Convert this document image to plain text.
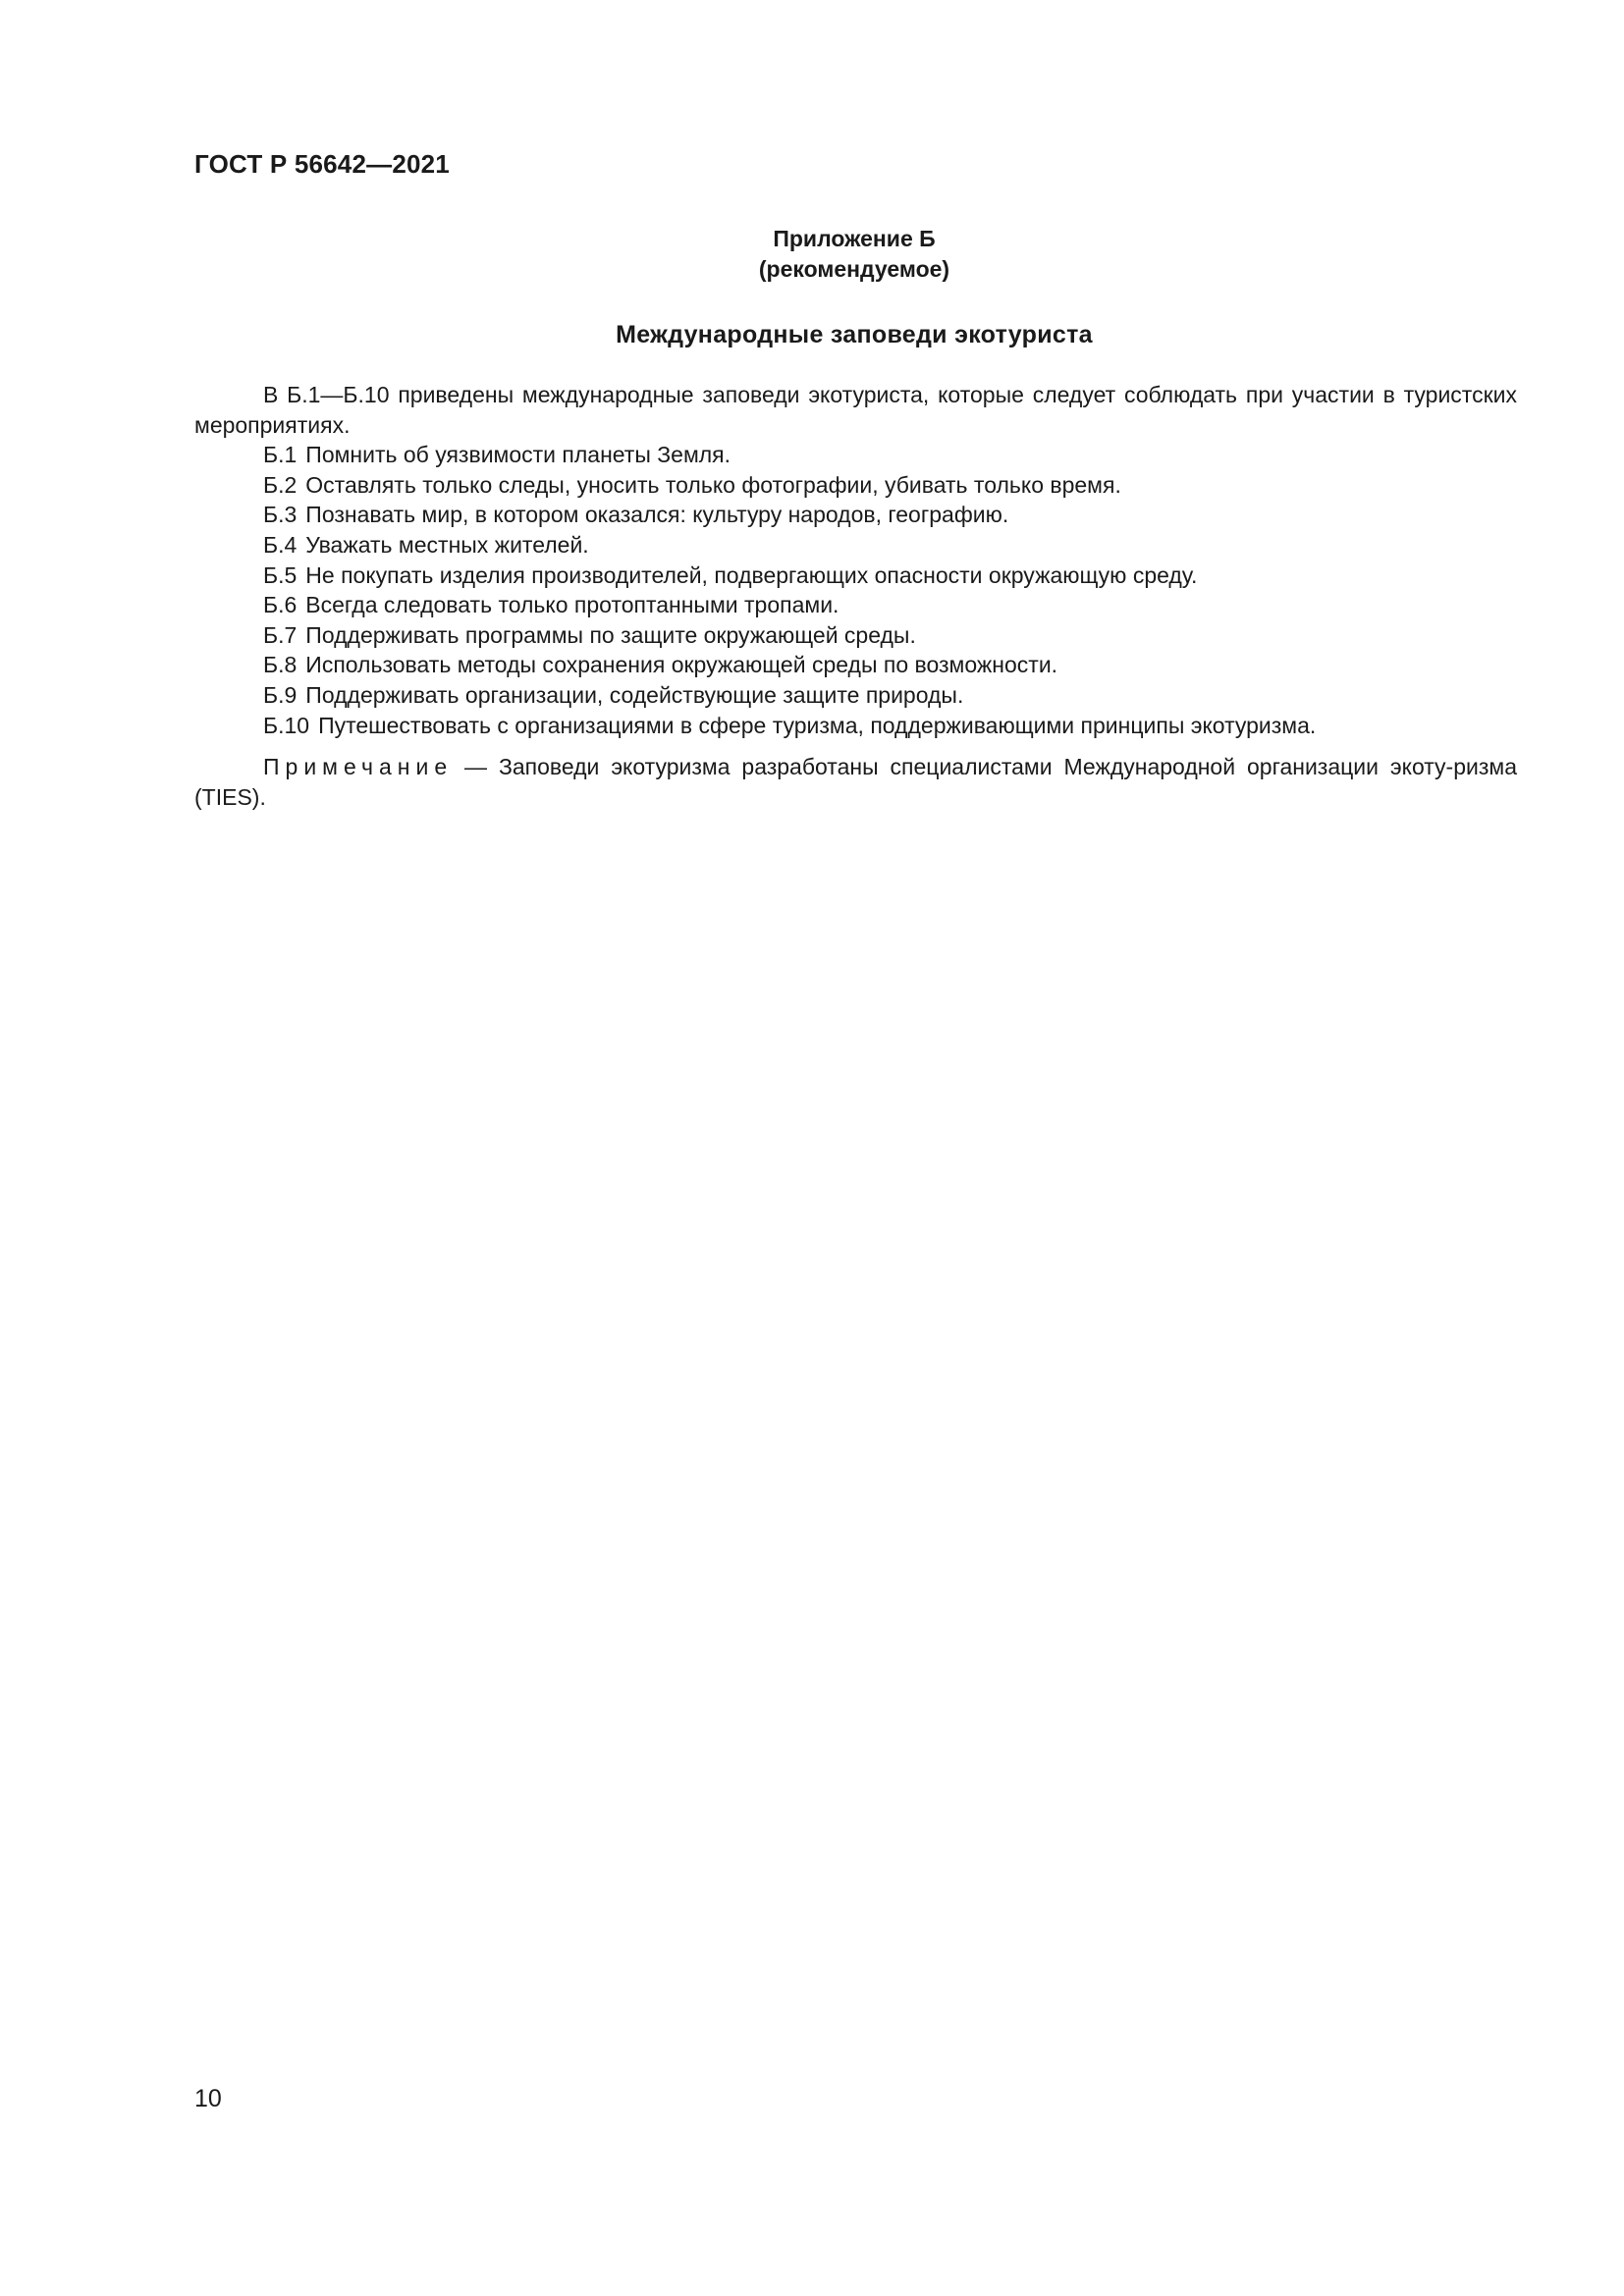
ГОСТ Р 56642—2021
Приложение Б
(рекомендуемое)
Международные заповеди экотуриста

В Б.1—Б.10 приведены международные заповеди экотуриста, которые следует соблюдать при участии в туристских мероприятиях.

Б.1 Помнить об уязвимости планеты Земля.

Б.2 Оставлять только следы, уносить только фотографии, убивать только время.

Б.3 Познавать мир, в котором оказался: культуру народов, географию.

Б.4 Уважать местных жителей.

Б.5 Не покупать изделия производителей, подвергающих опасности окружающую среду.

Б.6 Всегда следовать только протоптанными тропами.

Б.7 Поддерживать программы по защите окружающей среды.

Б.8 Использовать методы сохранения окружающей среды по возможности.

Б.9 Поддерживать организации, содействующие защите природы.

Б.10 Путешествовать с организациями в сфере туризма, поддерживающими принципы экотуризма.

Примечание — Заповеди экотуризма разработаны специалистами Международной организации экоту-ризма (TIES).

10
